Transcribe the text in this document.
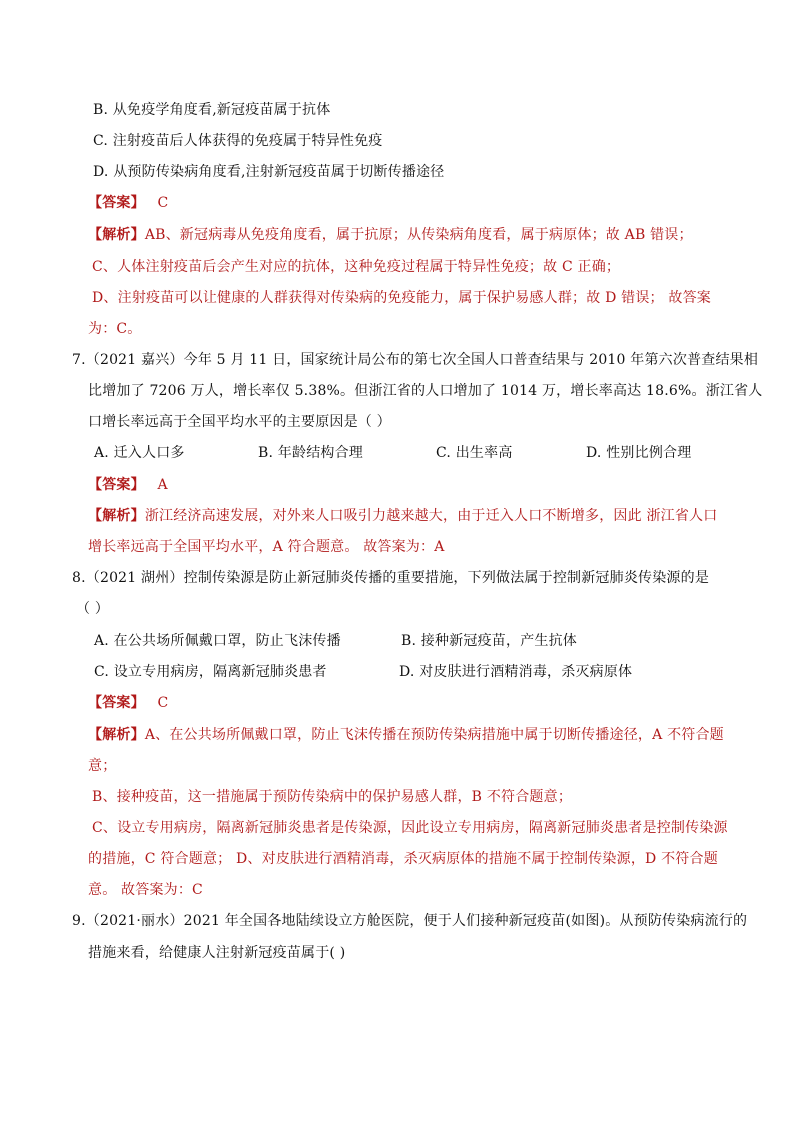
B. 从免疫学角度看,新冠疫苗属于抗体
C. 注射疫苗后人体获得的免疫属于特异性免疫
D. 从预防传染病角度看,注射新冠疫苗属于切断传播途径
【答案】 C
【解析】AB、新冠病毒从免疫角度看，属于抗原；从传染病角度看，属于病原体；故 AB 错误；
C、人体注射疫苗后会产生对应的抗体，这种免疫过程属于特异性免疫；故 C 正确；
D、注射疫苗可以让健康的人群获得对传染病的免疫能力，属于保护易感人群；故 D 错误； 故答案
为：C。
7.（2021 嘉兴）今年 5 月 11 日，国家统计局公布的第七次全国人口普查结果与 2010 年第六次普查结果相
比增加了 7206 万人，增长率仅 5.38%。但浙江省的人口增加了 1014 万，增长率高达 18.6%。浙江省人
口增长率远高于全国平均水平的主要原因是（ ）
A. 迁入人口多	B. 年龄结构合理	C. 出生率高	D. 性别比例合理
【答案】 A
【解析】浙江经济高速发展，对外来人口吸引力越来越大，由于迁入人口不断增多，因此 浙江省人口
增长率远高于全国平均水平，A 符合题意。 故答案为：A
8.（2021 湖州）控制传染源是防止新冠肺炎传播的重要措施，下列做法属于控制新冠肺炎传染源的是
（ ）
A. 在公共场所佩戴口罩，防止飞沫传播	B. 接种新冠疫苗，产生抗体
C. 设立专用病房，隔离新冠肺炎患者	D. 对皮肤进行酒精消毒，杀灭病原体
【答案】 C
【解析】A、在公共场所佩戴口罩，防止飞沫传播在预防传染病措施中属于切断传播途径，A 不符合题
意；
B、接种疫苗，这一措施属于预防传染病中的保护易感人群，B 不符合题意；
C、设立专用病房，隔离新冠肺炎患者是传染源，因此设立专用病房，隔离新冠肺炎患者是控制传染源
的措施，C 符合题意； D、对皮肤进行酒精消毒，杀灭病原体的措施不属于控制传染源，D 不符合题
意。 故答案为：C
9.（2021·丽水）2021 年全国各地陆续设立方舱医院，便于人们接种新冠疫苗(如图)。从预防传染病流行的
措施来看，给健康人注射新冠疫苗属于( )
